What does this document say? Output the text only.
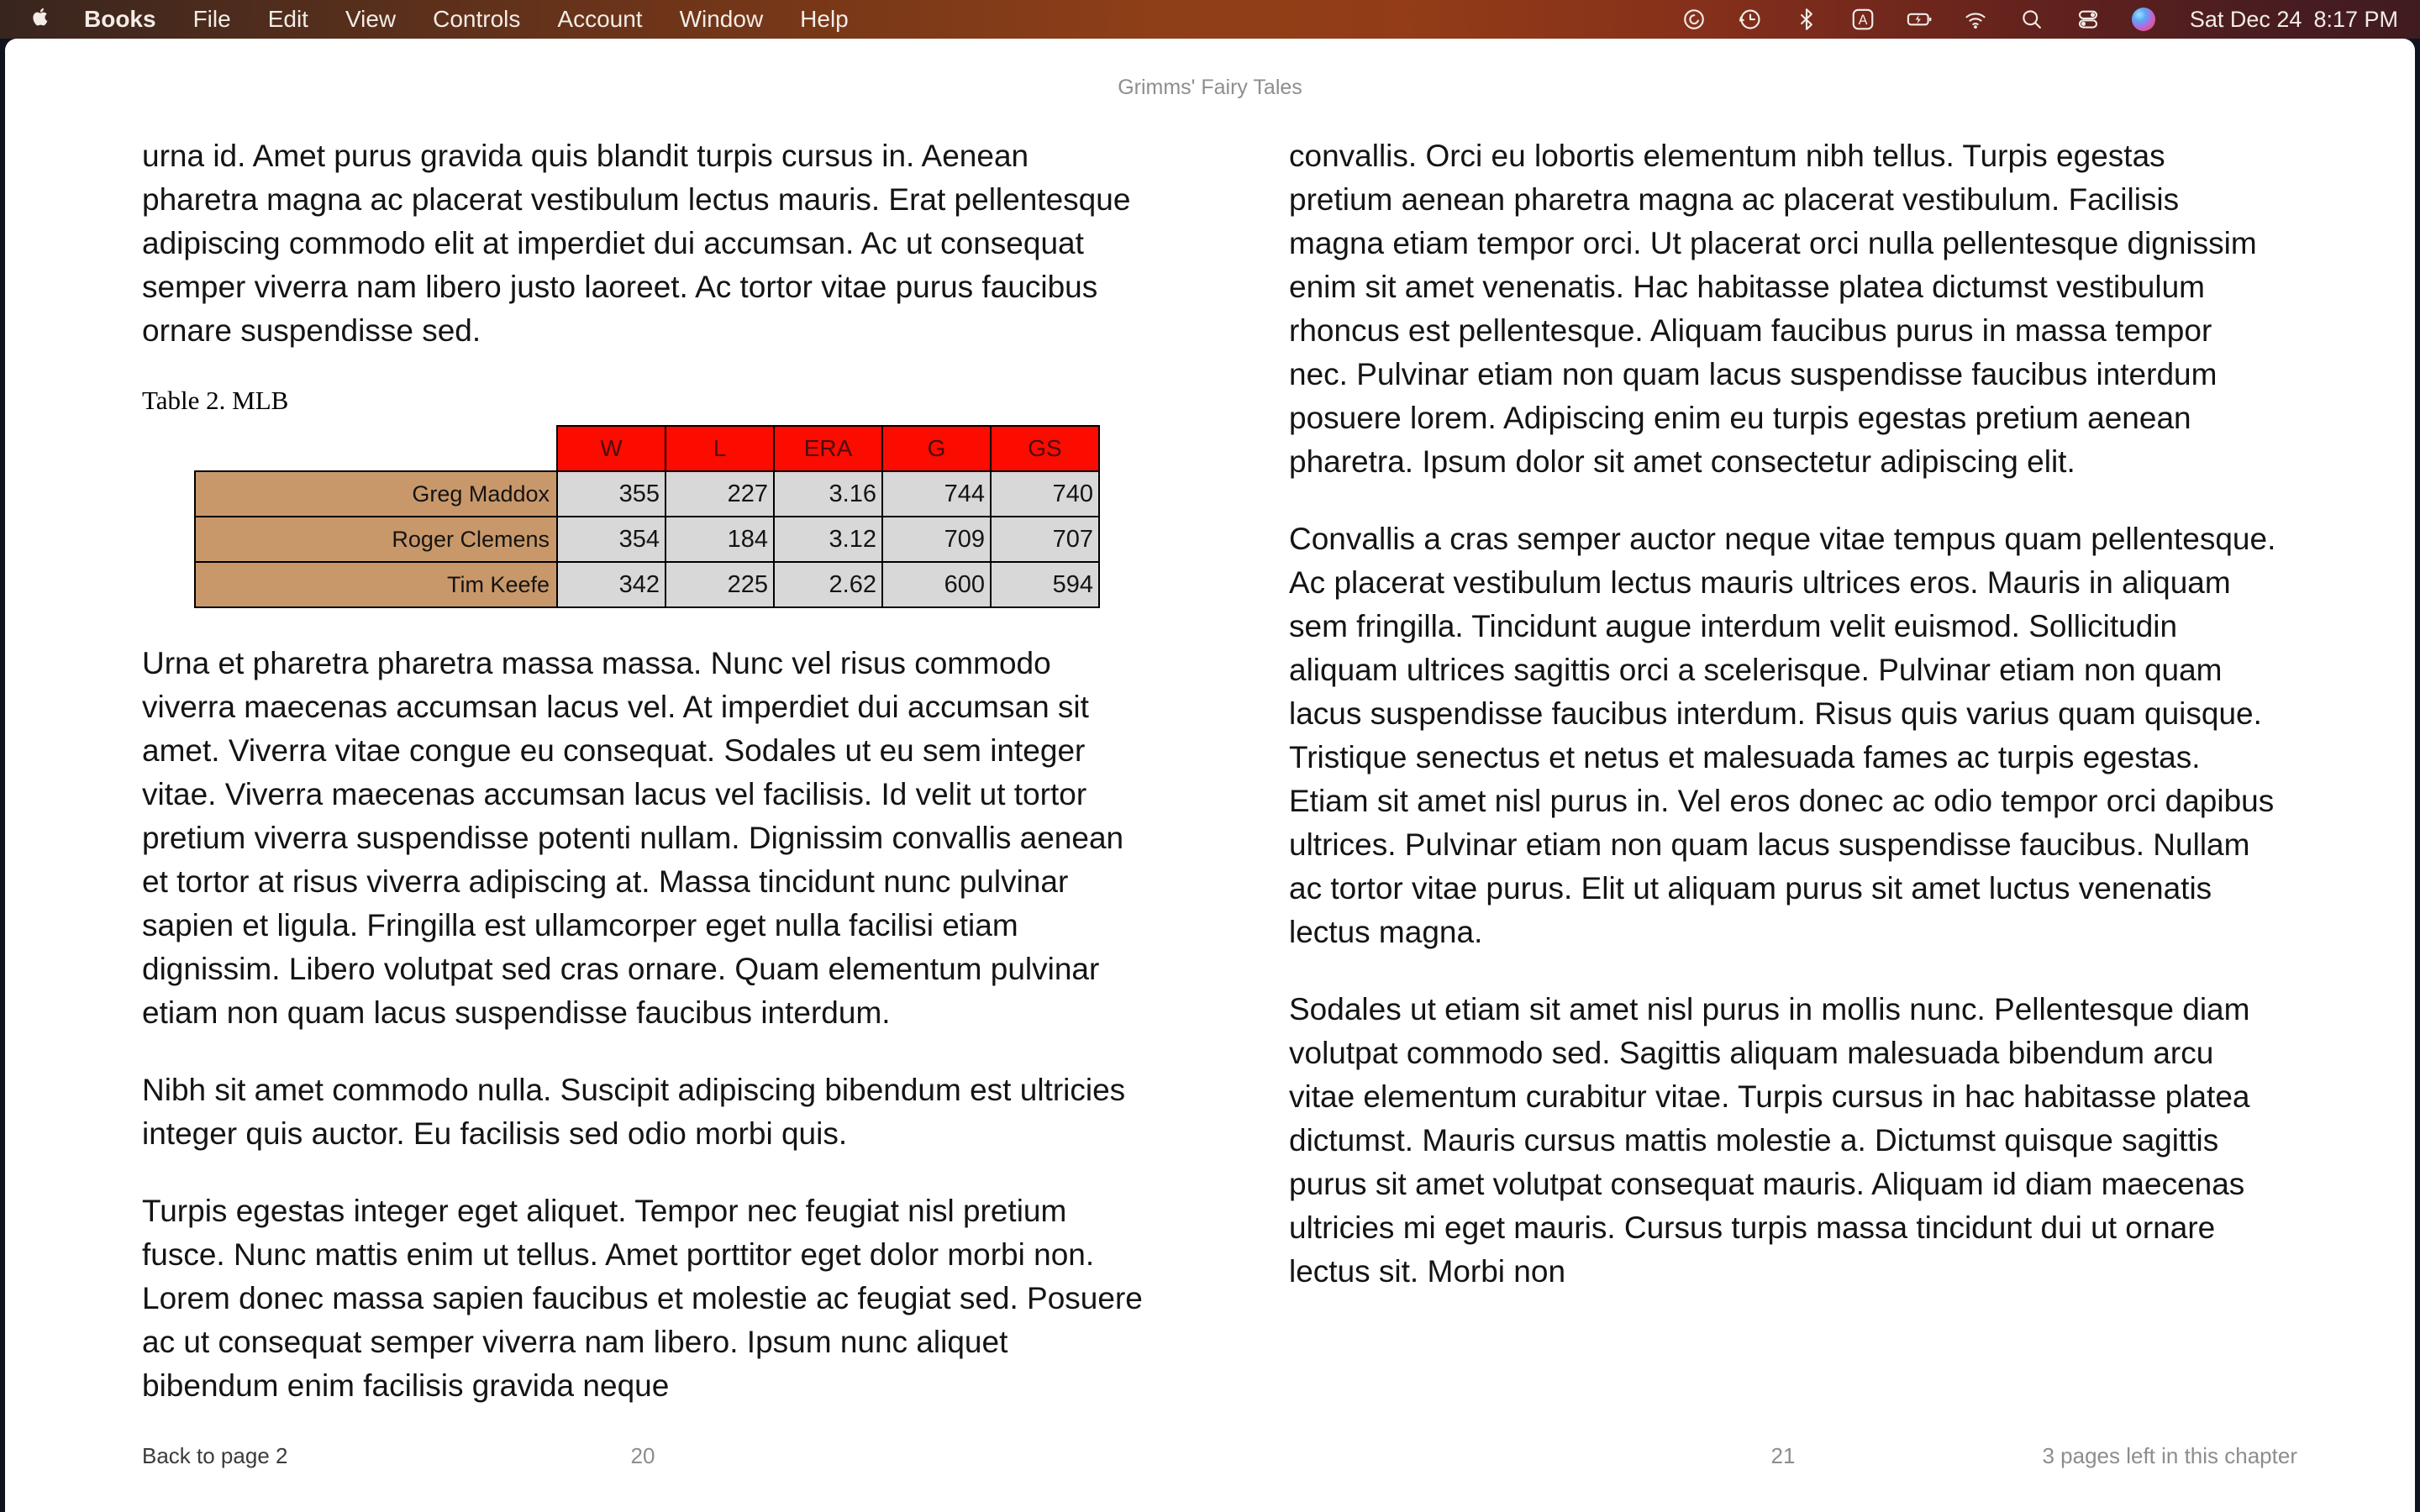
Books	File	Edit	View	Controls	Account	Window	Help	A	Sat Dec 24 8:17 PM
Grimms' Fairy Tales

urna id. Amet purus gravida quis blandit turpis cursus in. Aenean pharetra magna ac placerat vestibulum lectus mauris. Erat pellentesque adipiscing commodo elit at imperdiet dui accumsan. Ac ut consequat semper viverra nam libero justo laoreet. Ac tortor vitae purus faucibus ornare suspendisse sed.

Table 2. MLB
	W	L	ERA	G	GS
Greg Maddox	355	227	3.16	744	740
Roger Clemens	354	184	3.12	709	707
Tim Keefe	342	225	2.62	600	594

Urna et pharetra pharetra massa massa. Nunc vel risus commodo viverra maecenas accumsan lacus vel. At imperdiet dui accumsan sit amet. Viverra vitae congue eu consequat. Sodales ut eu sem integer vitae. Viverra maecenas accumsan lacus vel facilisis. Id velit ut tortor pretium viverra suspendisse potenti nullam. Dignissim convallis aenean et tortor at risus viverra adipiscing at. Massa tincidunt nunc pulvinar sapien et ligula. Fringilla est ullamcorper eget nulla facilisi etiam dignissim. Libero volutpat sed cras ornare. Quam elementum pulvinar etiam non quam lacus suspendisse faucibus interdum.

Nibh sit amet commodo nulla. Suscipit adipiscing bibendum est ultricies integer quis auctor. Eu facilisis sed odio morbi quis.

Turpis egestas integer eget aliquet. Tempor nec feugiat nisl pretium fusce. Nunc mattis enim ut tellus. Amet porttitor eget dolor morbi non. Lorem donec massa sapien faucibus et molestie ac feugiat sed. Posuere ac ut consequat semper viverra nam libero. Ipsum nunc aliquet bibendum enim facilisis gravida neque

convallis. Orci eu lobortis elementum nibh tellus. Turpis egestas pretium aenean pharetra magna ac placerat vestibulum. Facilisis magna etiam tempor orci. Ut placerat orci nulla pellentesque dignissim enim sit amet venenatis. Hac habitasse platea dictumst vestibulum rhoncus est pellentesque. Aliquam faucibus purus in massa tempor nec. Pulvinar etiam non quam lacus suspendisse faucibus interdum posuere lorem. Adipiscing enim eu turpis egestas pretium aenean pharetra. Ipsum dolor sit amet consectetur adipiscing elit.

Convallis a cras semper auctor neque vitae tempus quam pellentesque. Ac placerat vestibulum lectus mauris ultrices eros. Mauris in aliquam sem fringilla. Tincidunt augue interdum velit euismod. Sollicitudin aliquam ultrices sagittis orci a scelerisque. Pulvinar etiam non quam lacus suspendisse faucibus interdum. Risus quis varius quam quisque. Tristique senectus et netus et malesuada fames ac turpis egestas. Etiam sit amet nisl purus in. Vel eros donec ac odio tempor orci dapibus ultrices. Pulvinar etiam non quam lacus suspendisse faucibus. Nullam ac tortor vitae purus. Elit ut aliquam purus sit amet luctus venenatis lectus magna.

Sodales ut etiam sit amet nisl purus in mollis nunc. Pellentesque diam volutpat commodo sed. Sagittis aliquam malesuada bibendum arcu vitae elementum curabitur vitae. Turpis cursus in hac habitasse platea dictumst. Mauris cursus mattis molestie a. Dictumst quisque sagittis purus sit amet volutpat consequat mauris. Aliquam id diam maecenas ultricies mi eget mauris. Cursus turpis massa tincidunt dui ut ornare lectus sit. Morbi non

Back to page 2	20	21	3 pages left in this chapter
